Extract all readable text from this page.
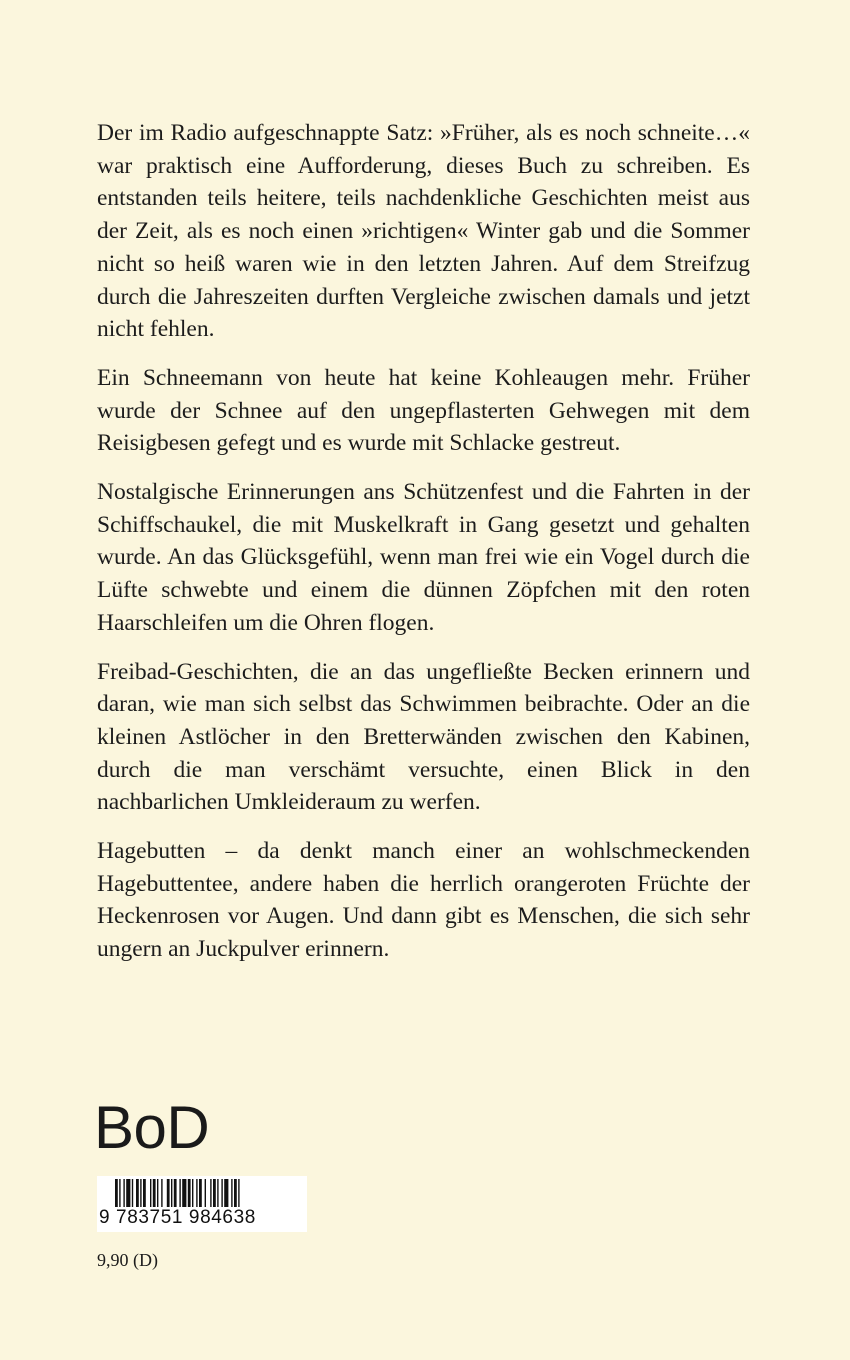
Der im Radio aufgeschnappte Satz: »Früher, als es noch schneite…« war praktisch eine Aufforderung, dieses Buch zu schreiben. Es entstanden teils heitere, teils nachdenkliche Geschichten meist aus der Zeit, als es noch einen »richtigen« Winter gab und die Sommer nicht so heiß waren wie in den letzten Jahren. Auf dem Streifzug durch die Jahreszeiten durften Vergleiche zwischen damals und jetzt nicht fehlen.

Ein Schneemann von heute hat keine Kohleaugen mehr. Früher wurde der Schnee auf den ungepflasterten Gehwegen mit dem Reisigbesen gefegt und es wurde mit Schlacke gestreut.

Nostalgische Erinnerungen ans Schützenfest und die Fahrten in der Schiffschaukel, die mit Muskelkraft in Gang gesetzt und gehalten wurde. An das Glücksgefühl, wenn man frei wie ein Vogel durch die Lüfte schwebte und einem die dünnen Zöpfchen mit den roten Haarschleifen um die Ohren flogen.

Freibad-Geschichten, die an das ungefließte Becken erinnern und daran, wie man sich selbst das Schwimmen beibrachte. Oder an die kleinen Astlöcher in den Bretterwänden zwischen den Kabinen, durch die man verschämt versuchte, einen Blick in den nachbarlichen Umkleideraum zu werfen.

Hagebutten – da denkt manch einer an wohlschmeckenden Hagebuttentee, andere haben die herrlich orangeroten Früchte der Heckenrosen vor Augen. Und dann gibt es Menschen, die sich sehr ungern an Juckpulver erinnern.

BoD
9 783751 984638
9,90 (D)
